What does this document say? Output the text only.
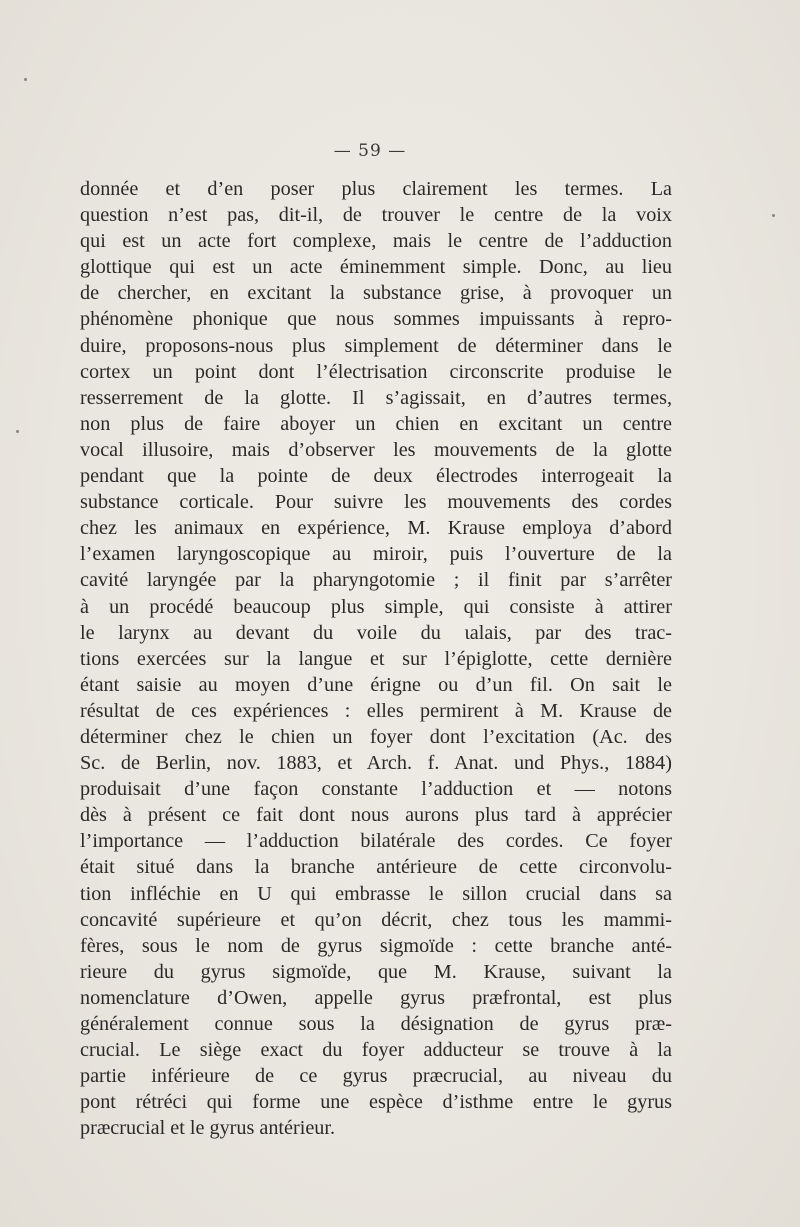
— 59 —
donnée et d’en poser plus clairement les termes. La
question n’est pas, dit-il, de trouver le centre de la voix
qui est un acte fort complexe, mais le centre de l’adduction
glottique qui est un acte éminemment simple. Donc, au lieu
de chercher, en excitant la substance grise, à provoquer un
phénomène phonique que nous sommes impuissants à repro-
duire, proposons-nous plus simplement de déterminer dans le
cortex un point dont l’électrisation circonscrite produise le
resserrement de la glotte. Il s’agissait, en d’autres termes,
non plus de faire aboyer un chien en excitant un centre
vocal illusoire, mais d’observer les mouvements de la glotte
pendant que la pointe de deux électrodes interrogeait la
substance corticale. Pour suivre les mouvements des cordes
chez les animaux en expérience, M. Krause employa d’abord
l’examen laryngoscopique au miroir, puis l’ouverture de la
cavité laryngée par la pharyngotomie ; il finit par s’arrêter
à un procédé beaucoup plus simple, qui consiste à attirer
le larynx au devant du voile du ɩalais, par des trac-
tions exercées sur la langue et sur l’épiglotte, cette dernière
étant saisie au moyen d’une érigne ou d’un fil. On sait le
résultat de ces expériences : elles permirent à M. Krause de
déterminer chez le chien un foyer dont l’excitation (Ac. des
Sc. de Berlin, nov. 1883, et Arch. f. Anat. und Phys., 1884)
produisait d’une façon constante l’adduction et — notons
dès à présent ce fait dont nous aurons plus tard à apprécier
l’importance — l’adduction bilatérale des cordes. Ce foyer
était situé dans la branche antérieure de cette circonvolu-
tion infléchie en U qui embrasse le sillon crucial dans sa
concavité supérieure et qu’on décrit, chez tous les mammi-
fères, sous le nom de gyrus sigmoïde : cette branche anté-
rieure du gyrus sigmoïde, que M. Krause, suivant la
nomenclature d’Owen, appelle gyrus præfrontal, est plus
généralement connue sous la désignation de gyrus præ-
crucial. Le siège exact du foyer adducteur se trouve à la
partie inférieure de ce gyrus præcrucial, au niveau du
pont rétréci qui forme une espèce d’isthme entre le gyrus
præcrucial et le gyrus antérieur.
